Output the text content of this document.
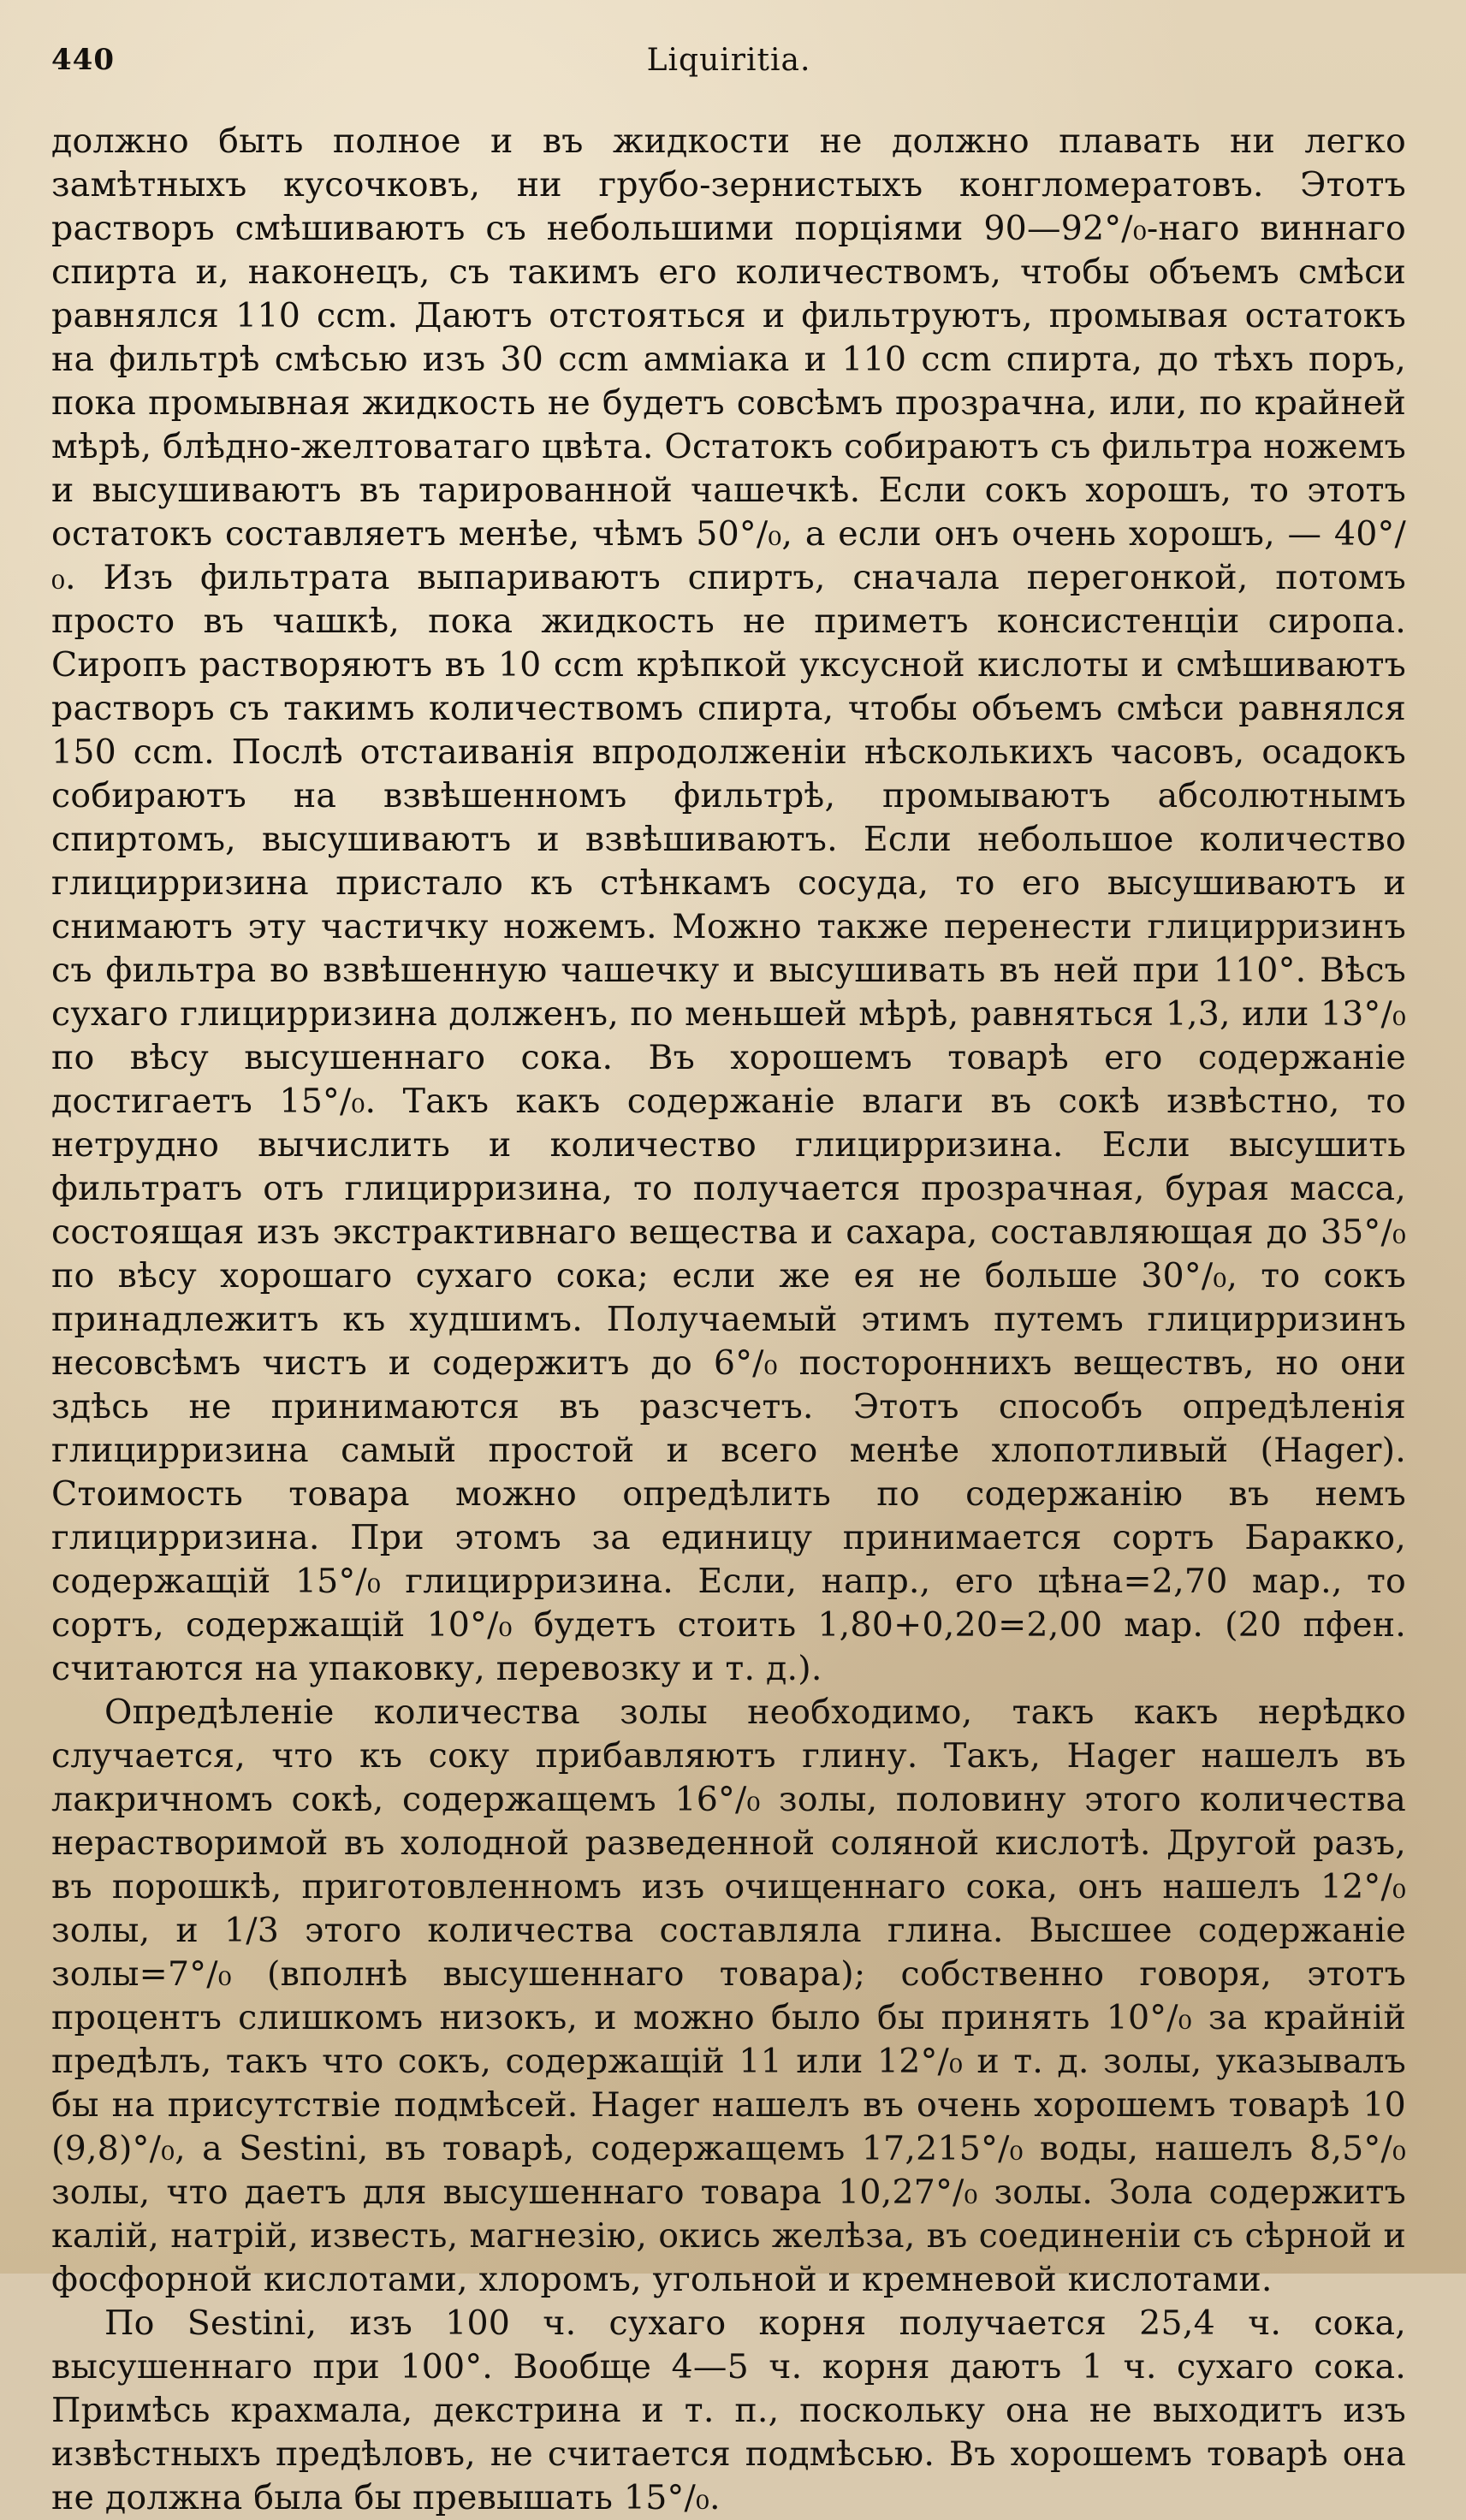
440	Liquiritia.

должно быть полное и въ жидкости не должно плавать ни легко замѣтныхъ кусочковъ, ни грубо-зернистыхъ конгломератовъ. Этотъ растворъ смѣшиваютъ съ небольшими порціями 90—92°/₀-наго виннаго спирта и, наконецъ, съ такимъ его количествомъ, чтобы объемъ смѣси равнялся 110 ccm. Даютъ отстояться и фильтруютъ, промывая остатокъ на фильтрѣ смѣсью изъ 30 ccm амміака и 110 ccm спирта, до тѣхъ поръ, пока промывная жидкость не будетъ совсѣмъ прозрачна, или, по крайней мѣрѣ, блѣдно-желтоватаго цвѣта. Остатокъ собираютъ съ фильтра ножемъ и высушиваютъ въ тарированной чашечкѣ. Если сокъ хорошъ, то этотъ остатокъ составляетъ менѣе, чѣмъ 50°/₀, а если онъ очень хорошъ, — 40°/₀. Изъ фильтрата выпариваютъ спиртъ, сначала перегонкой, потомъ просто въ чашкѣ, пока жидкость не приметъ консистенціи сиропа. Сиропъ растворяютъ въ 10 ccm крѣпкой уксусной кислоты и смѣшиваютъ растворъ съ такимъ количествомъ спирта, чтобы объемъ смѣси равнялся 150 ccm. Послѣ отстаиванія впродолженіи нѣсколькихъ часовъ, осадокъ собираютъ на взвѣшенномъ фильтрѣ, промываютъ абсолютнымъ спиртомъ, высушиваютъ и взвѣшиваютъ. Если небольшое количество глицирризина пристало къ стѣнкамъ сосуда, то его высушиваютъ и снимаютъ эту частичку ножемъ. Можно также перенести глицирризинъ съ фильтра во взвѣшенную чашечку и высушивать въ ней при 110°. Вѣсъ сухаго глицирризина долженъ, по меньшей мѣрѣ, равняться 1,3, или 13°/₀ по вѣсу высушеннаго сока. Въ хорошемъ товарѣ его содержаніе достигаетъ 15°/₀. Такъ какъ содержаніе влаги въ сокѣ извѣстно, то нетрудно вычислить и количество глицирризина. Если высушить фильтратъ отъ глицирризина, то получается прозрачная, бурая масса, состоящая изъ экстрактивнаго вещества и сахара, составляющая до 35°/₀ по вѣсу хорошаго сухаго сока; если же ея не больше 30°/₀, то сокъ принадлежитъ къ худшимъ. Получаемый этимъ путемъ глицирризинъ несовсѣмъ чистъ и содержитъ до 6°/₀ постороннихъ веществъ, но они здѣсь не принимаются въ разсчетъ. Этотъ способъ опредѣленія глицирризина самый простой и всего менѣе хлопотливый (Hager). Стоимость товара можно опредѣлить по содержанію въ немъ глицирризина. При этомъ за единицу принимается сортъ Баракко, содержащій 15°/₀ глицирризина. Если, напр., его цѣна=2,70 мар., то сортъ, содержащій 10°/₀ будетъ стоить 1,80+0,20=2,00 мар. (20 пфен. считаются на упаковку, перевозку и т. д.).

Опредѣленіе количества золы необходимо, такъ какъ нерѣдко случается, что къ соку прибавляютъ глину. Такъ, Hager нашелъ въ лакричномъ сокѣ, содержащемъ 16°/₀ золы, половину этого количества нерастворимой въ холодной разведенной соляной кислотѣ. Другой разъ, въ порошкѣ, приготовленномъ изъ очищеннаго сока, онъ нашелъ 12°/₀ золы, и 1/3 этого количества составляла глина. Высшее содержаніе золы=7°/₀ (вполнѣ высушеннаго товара); собственно говоря, этотъ процентъ слишкомъ низокъ, и можно было бы принять 10°/₀ за крайній предѣлъ, такъ что сокъ, содержащій 11 или 12°/₀ и т. д. золы, указывалъ бы на присутствіе подмѣсей. Hager нашелъ въ очень хорошемъ товарѣ 10 (9,8)°/₀, а Sestini, въ товарѣ, содержащемъ 17,215°/₀ воды, нашелъ 8,5°/₀ золы, что даетъ для высушеннаго товара 10,27°/₀ золы. Зола содержитъ калій, натрій, известь, магнезію, окись желѣза, въ соединеніи съ сѣрной и фосфорной кислотами, хлоромъ, угольной и кремневой кислотами.

По Sestini, изъ 100 ч. сухаго корня получается 25,4 ч. сока, высушеннаго при 100°. Вообще 4—5 ч. корня даютъ 1 ч. сухаго сока. Примѣсь крахмала, декстрина и т. п., поскольку она не выходитъ изъ извѣстныхъ предѣловъ, не считается подмѣсью. Въ хорошемъ товарѣ она не должна была бы превышать 15°/₀.
